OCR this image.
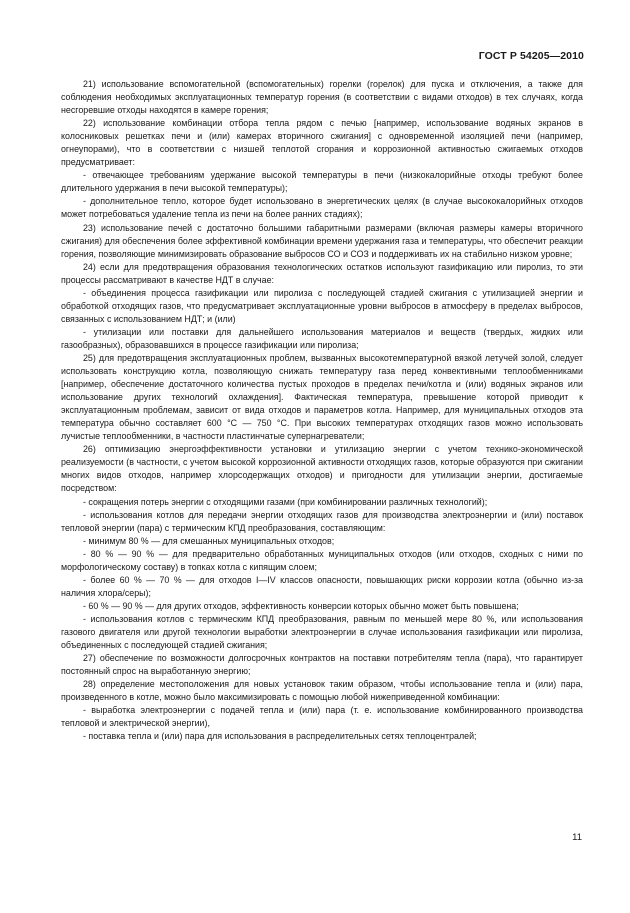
ГОСТ Р 54205—2010

21) использование вспомогательной (вспомогательных) горелки (горелок) для пуска и отключения, а также для соблюдения необходимых эксплуатационных температур горения (в соответствии с видами отходов) в тех случаях, когда несгоревшие отходы находятся в камере горения;

22) использование комбинации отбора тепла рядом с печью [например, использование водяных экранов в колосниковых решетках печи и (или) камерах вторичного сжигания] с одновременной изоляцией печи (например, огнеупорами), что в соответствии с низшей теплотой сгорания и коррозионной активностью сжигаемых отходов предусматривает:

- отвечающее требованиям удержание высокой температуры в печи (низкокалорийные отходы требуют более длительного удержания в печи высокой температуры);

- дополнительное тепло, которое будет использовано в энергетических целях (в случае высококалорийных отходов может потребоваться удаление тепла из печи на более ранних стадиях);

23) использование печей с достаточно большими габаритными размерами (включая размеры камеры вторичного сжигания) для обеспечения более эффективной комбинации времени удержания газа и температуры, что обеспечит реакции горения, позволяющие минимизировать образование выбросов СО и СОЗ и поддерживать их на стабильно низком уровне;

24) если для предотвращения образования технологических остатков используют газификацию или пиролиз, то эти процессы рассматривают в качестве НДТ в случае:

- объединения процесса газификации или пиролиза с последующей стадией сжигания с утилизацией энергии и обработкой отходящих газов, что предусматривает эксплуатационные уровни выбросов в атмосферу в пределах выбросов, связанных с использованием НДТ; и (или)

- утилизации или поставки для дальнейшего использования материалов и веществ (твердых, жидких или газообразных), образовавшихся в процессе газификации или пиролиза;

25) для предотвращения эксплуатационных проблем, вызванных высокотемпературной вязкой летучей золой, следует использовать конструкцию котла, позволяющую снижать температуру газа перед конвективными теплообменниками [например, обеспечение достаточного количества пустых проходов в пределах печи/котла и (или) водяных экранов или использование других технологий охлаждения]. Фактическая температура, превышение которой приводит к эксплуатационным проблемам, зависит от вида отходов и параметров котла. Например, для муниципальных отходов эта температура обычно составляет 600 °С — 750 °С. При высоких температурах отходящих газов можно использовать лучистые теплообменники, в частности пластинчатые супернагреватели;

26) оптимизацию энергоэффективности установки и утилизацию энергии с учетом технико-экономической реализуемости (в частности, с учетом высокой коррозионной активности отходящих газов, которые образуются при сжигании многих видов отходов, например хлорсодержащих отходов) и пригодности для утилизации энергии, достигаемые посредством:

- сокращения потерь энергии с отходящими газами (при комбинировании различных технологий);

- использования котлов для передачи энергии отходящих газов для производства электроэнергии и (или) поставок тепловой энергии (пара) с термическим КПД преобразования, составляющим:

- минимум 80 % — для смешанных муниципальных отходов;

- 80 % — 90 % — для предварительно обработанных муниципальных отходов (или отходов, сходных с ними по морфологическому составу) в топках котла с кипящим слоем;

- более 60 % — 70 % — для отходов I—IV классов опасности, повышающих риски коррозии котла (обычно из-за наличия хлора/серы);

- 60 % — 90 % — для других отходов, эффективность конверсии которых обычно может быть повышена;

- использования котлов с термическим КПД преобразования, равным по меньшей мере 80 %, или использования газового двигателя или другой технологии выработки электроэнергии в случае использования газификации или пиролиза, объединенных с последующей стадией сжигания;

27) обеспечение по возможности долгосрочных контрактов на поставки потребителям тепла (пара), что гарантирует постоянный спрос на выработанную энергию;

28) определение местоположения для новых установок таким образом, чтобы использование тепла и (или) пара, произведенного в котле, можно было максимизировать с помощью любой нижеприведенной комбинации:

- выработка электроэнергии с подачей тепла и (или) пара (т. е. использование комбинированного производства тепловой и электрической энергии),

- поставка тепла и (или) пара для использования в распределительных сетях теплоцентралей;

11
